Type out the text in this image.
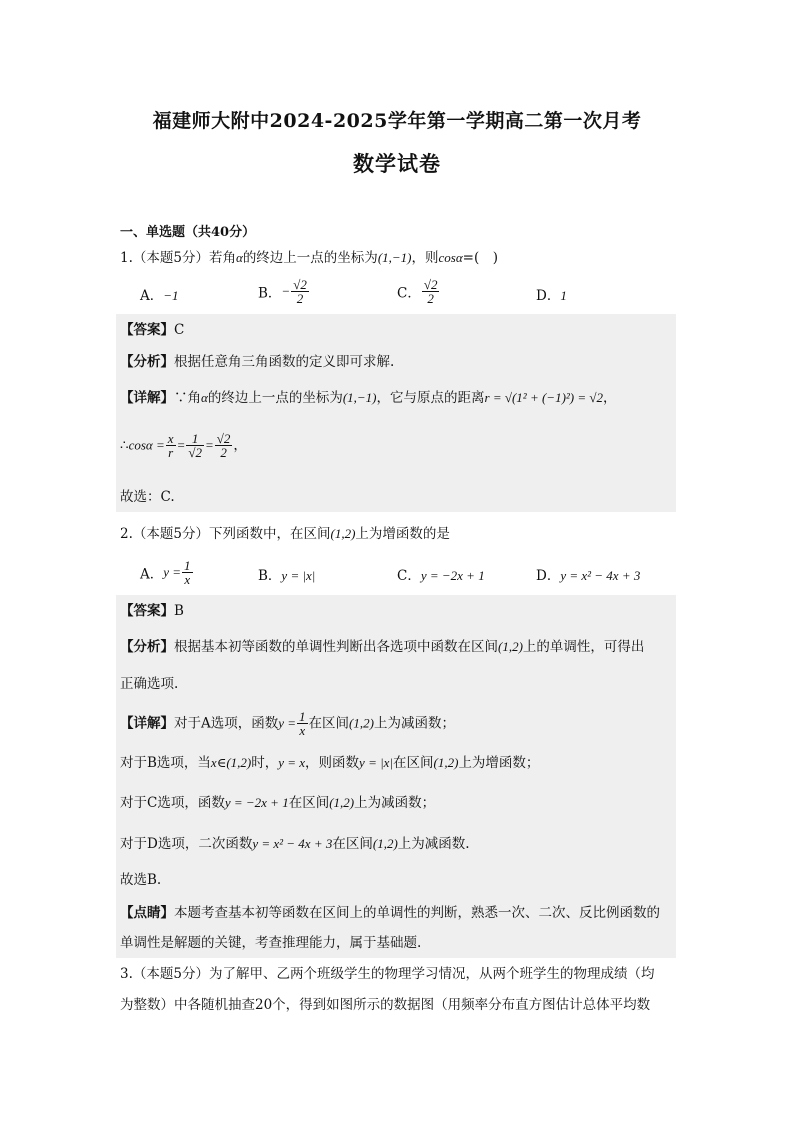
福建师大附中2024-2025学年第一学期高二第一次月考
数学试卷
一、单选题（共40分）
1.（本题5分）若角α的终边上一点的坐标为(1,−1)，则cosα=(　)
A．−1	B．− $\frac{√2}{2}$	C． $\frac{√2}{2}$	D．1
【答案】C
【分析】根据任意角三角函数的定义即可求解.
【详解】∵角α的终边上一点的坐标为(1,−1)，它与原点的距离r = √(1² + (−1)²) = √2，
∴cosα = $\frac{x}{r} = \frac{1}{√2} = \frac{√2}{2}$ ，
故选：C.
2.（本题5分）下列函数中，在区间(1,2)上为增函数的是
A．$y = \frac{1}{x}$	B．y = |x|	C．y = −2x + 1	D．y = x² − 4x + 3
【答案】B
【分析】根据基本初等函数的单调性判断出各选项中函数在区间(1,2)上的单调性，可得出
正确选项.
【详解】对于A选项，函数$y = \frac{1}{x}$ 在区间(1,2)上为减函数；
对于B选项，当x∈(1,2)时，y = x，则函数y = |x|在区间(1,2)上为增函数；
对于C选项，函数y = −2x + 1在区间(1,2)上为减函数；
对于D选项，二次函数y = x² − 4x + 3在区间(1,2)上为减函数.
故选B.
【点睛】本题考查基本初等函数在区间上的单调性的判断，熟悉一次、二次、反比例函数的
单调性是解题的关键，考查推理能力，属于基础题.
3.（本题5分）为了解甲、乙两个班级学生的物理学习情况，从两个班学生的物理成绩（均
为整数）中各随机抽查20个，得到如图所示的数据图（用频率分布直方图估计总体平均数
